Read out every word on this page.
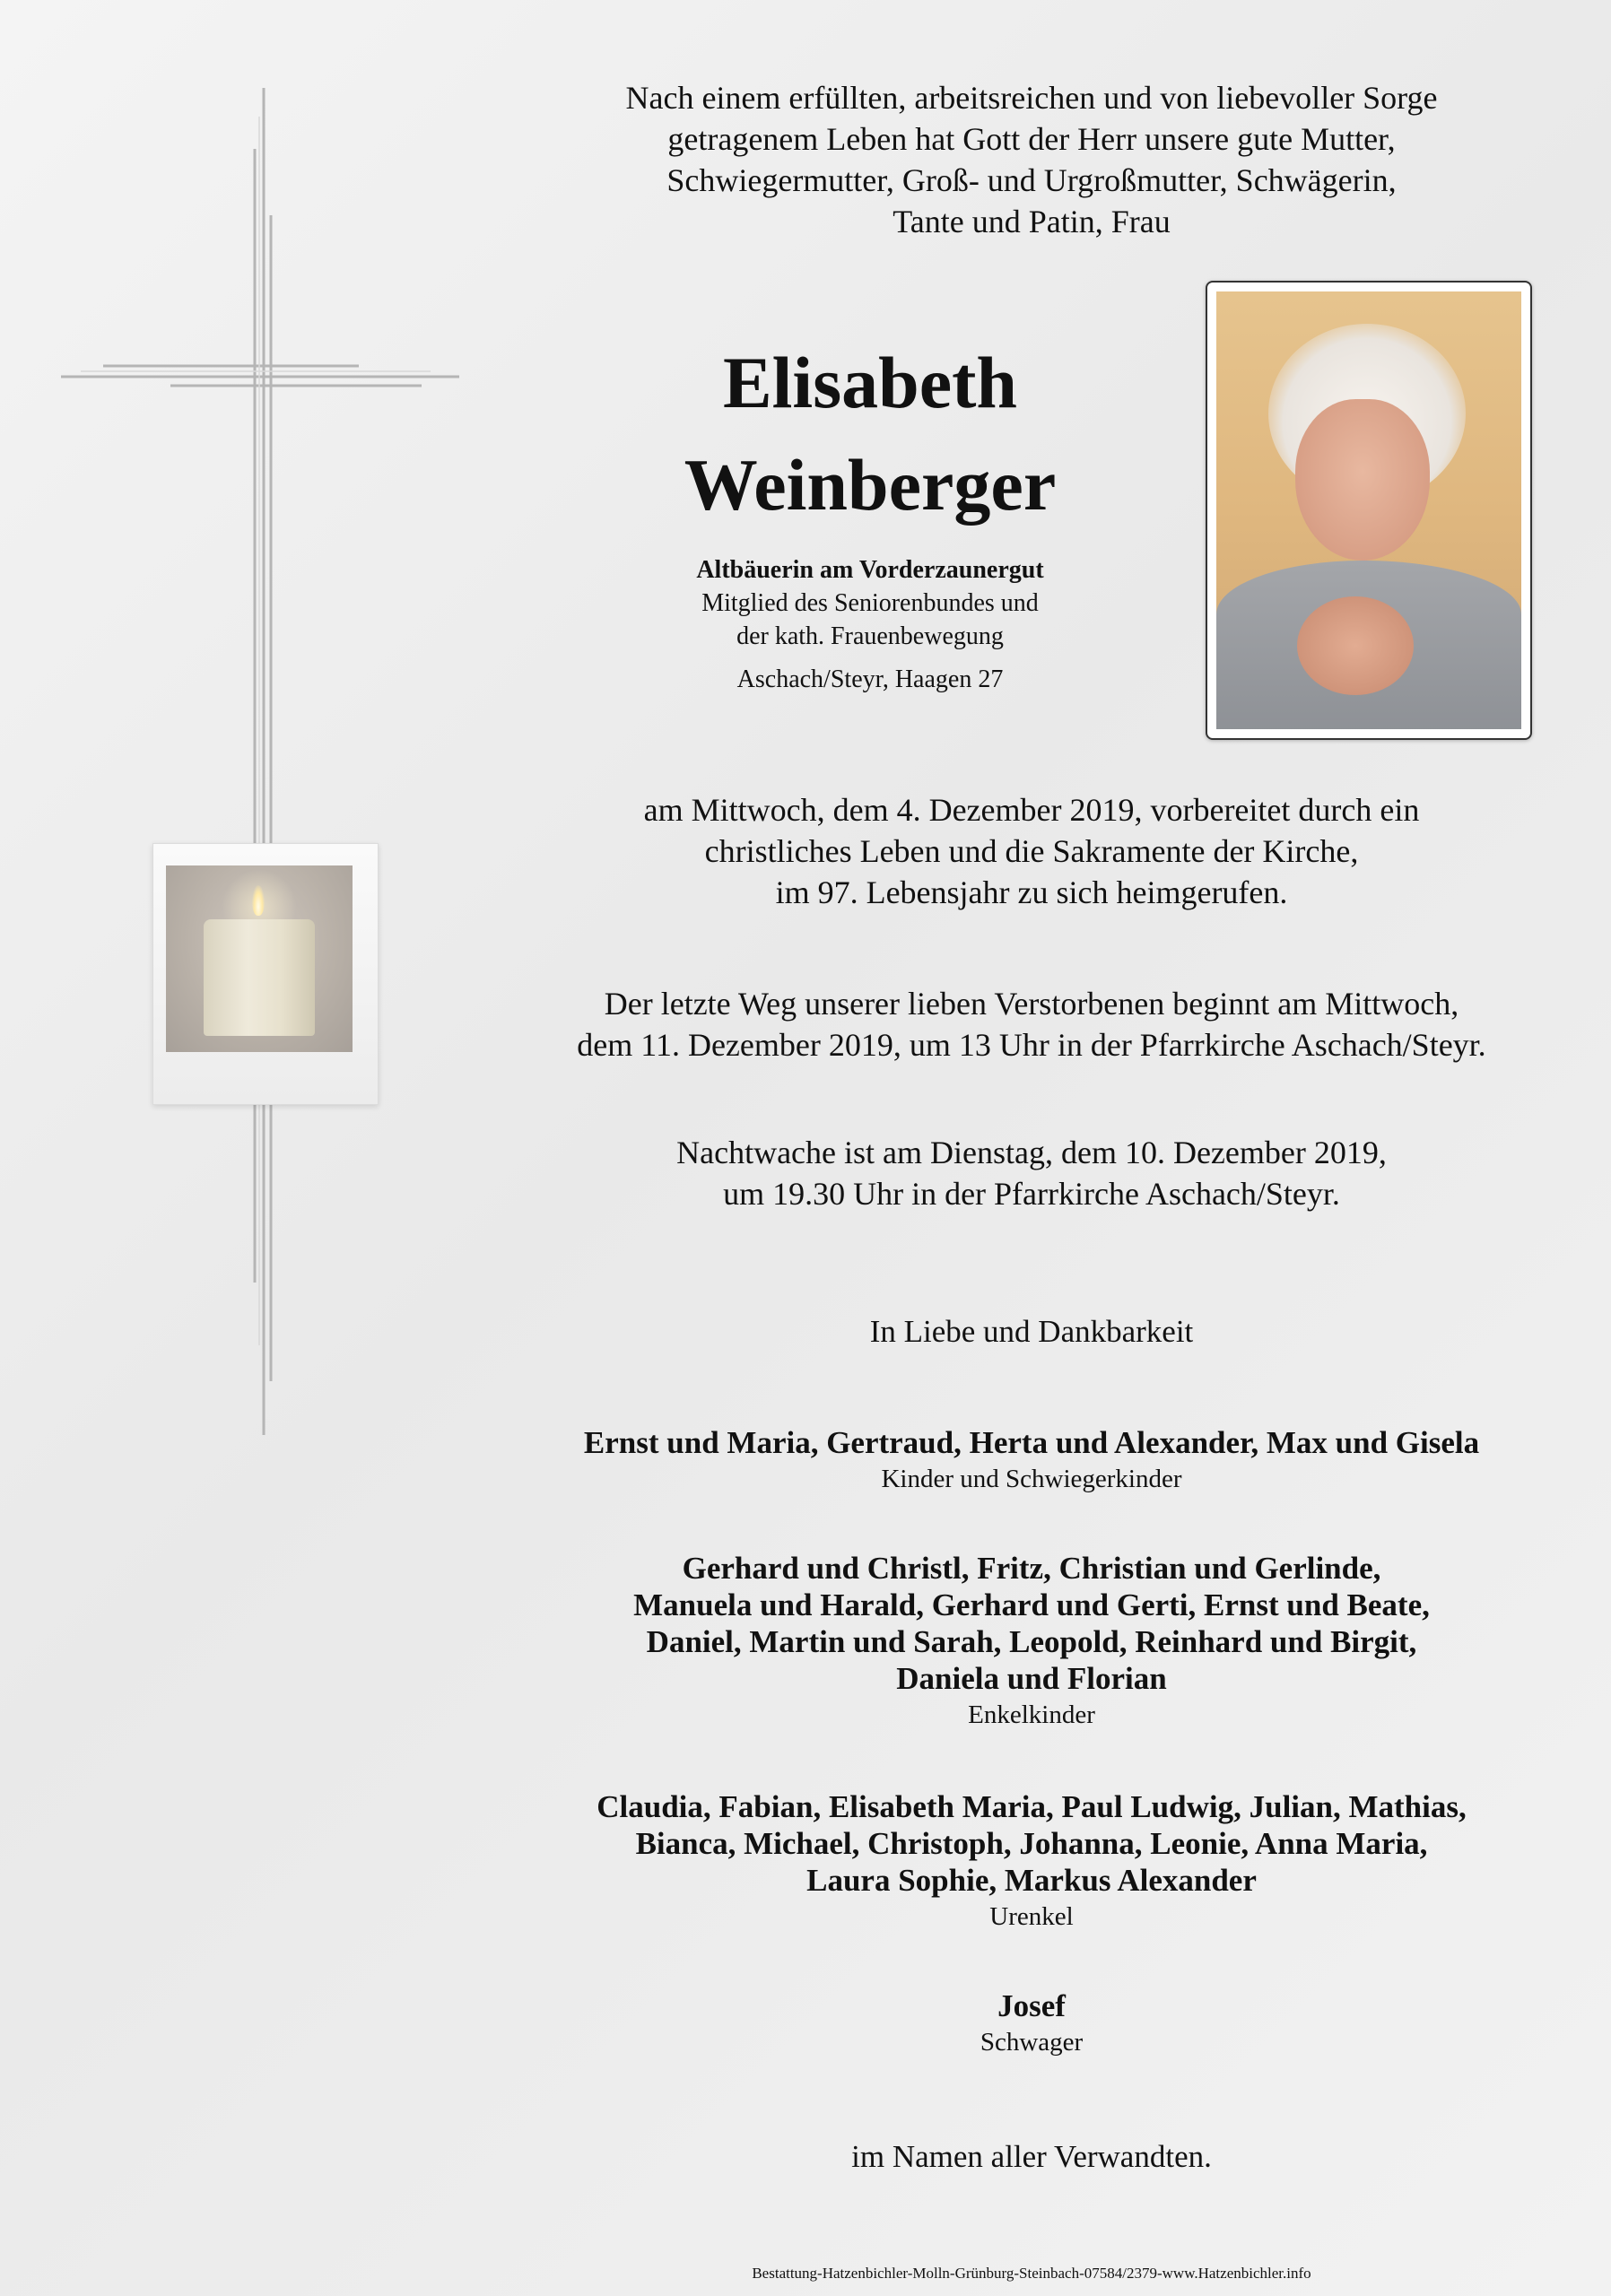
Nach einem erfüllten, arbeitsreichen und von liebevoller Sorge
getragenem Leben hat Gott der Herr unsere gute Mutter,
Schwiegermutter, Groß- und Urgroßmutter, Schwägerin,
Tante und Patin, Frau

Elisabeth
Weinberger

Altbäuerin am Vorderzaunergut

Mitglied des Seniorenbundes und
der kath. Frauenbewegung

Aschach/Steyr, Haagen 27

am Mittwoch, dem 4. Dezember 2019, vorbereitet durch ein
christliches Leben und die Sakramente der Kirche,
im 97. Lebensjahr zu sich heimgerufen.

Der letzte Weg unserer lieben Verstorbenen beginnt am Mittwoch,
dem 11. Dezember 2019, um 13 Uhr in der Pfarrkirche Aschach/Steyr.

Nachtwache ist am Dienstag, dem 10. Dezember 2019,
um 19.30 Uhr in der Pfarrkirche Aschach/Steyr.

In Liebe und Dankbarkeit

Ernst und Maria, Gertraud, Herta und Alexander, Max und Gisela
Kinder und Schwiegerkinder
Gerhard und Christl, Fritz, Christian und Gerlinde,
Manuela und Harald, Gerhard und Gerti, Ernst und Beate,
Daniel, Martin und Sarah, Leopold, Reinhard und Birgit,
Daniela und Florian
Enkelkinder
Claudia, Fabian, Elisabeth Maria, Paul Ludwig, Julian, Mathias,
Bianca, Michael, Christoph, Johanna, Leonie, Anna Maria,
Laura Sophie, Markus Alexander
Urenkel
Josef
Schwager

im Namen aller Verwandten.

Bestattung-Hatzenbichler-Molln-Grünburg-Steinbach-07584/2379-www.Hatzenbichler.info
